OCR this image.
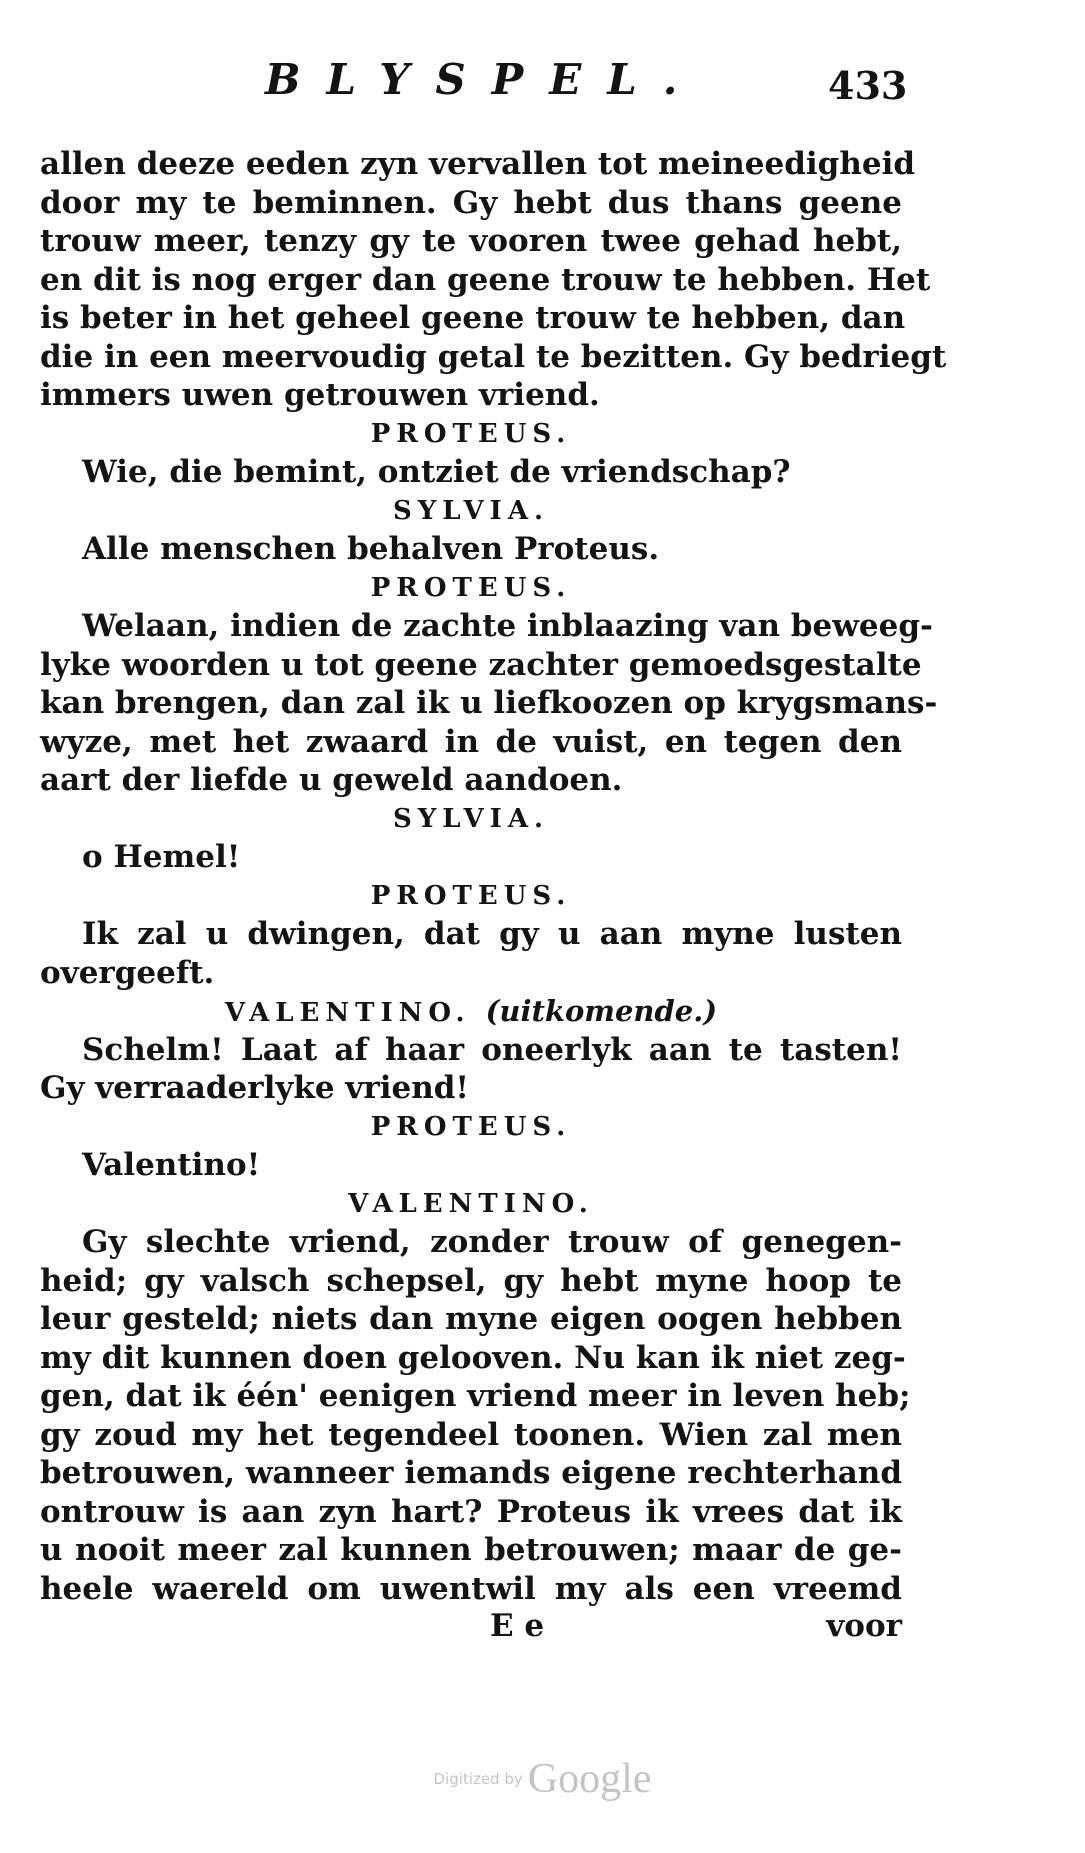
BLYSPEL.	433
allen deeze eeden zyn vervallen tot meineedigheid
door my te beminnen. Gy hebt dus thans geene
trouw meer, tenzy gy te vooren twee gehad hebt,
en dit is nog erger dan geene trouw te hebben. Het
is beter in het geheel geene trouw te hebben, dan
die in een meervoudig getal te bezitten. Gy bedriegt
immers uwen getrouwen vriend.
PROTEUS.
Wie, die bemint, ontziet de vriendschap?
SYLVIA.
Alle menschen behalven Proteus.
PROTEUS.
Welaan, indien de zachte inblaazing van beweeg-
lyke woorden u tot geene zachter gemoedsgestalte
kan brengen, dan zal ik u liefkoozen op krygsmans-
wyze, met het zwaard in de vuist, en tegen den
aart der liefde u geweld aandoen.
SYLVIA.
o Hemel!
PROTEUS.
Ik zal u dwingen, dat gy u aan myne lusten
overgeeft.
VALENTINO. (uitkomende.)
Schelm! Laat af haar oneerlyk aan te tasten!
Gy verraaderlyke vriend!
PROTEUS.
Valentino!
VALENTINO.
Gy slechte vriend, zonder trouw of genegen-
heid; gy valsch schepsel, gy hebt myne hoop te
leur gesteld; niets dan myne eigen oogen hebben
my dit kunnen doen gelooven. Nu kan ik niet zeg-
gen, dat ik één' eenigen vriend meer in leven heb;
gy zoud my het tegendeel toonen. Wien zal men
betrouwen, wanneer iemands eigene rechterhand
ontrouw is aan zyn hart? Proteus ik vrees dat ik
u nooit meer zal kunnen betrouwen; maar de ge-
heele waereld om uwentwil my als een vreemd
E e	voor
Digitized by Google
